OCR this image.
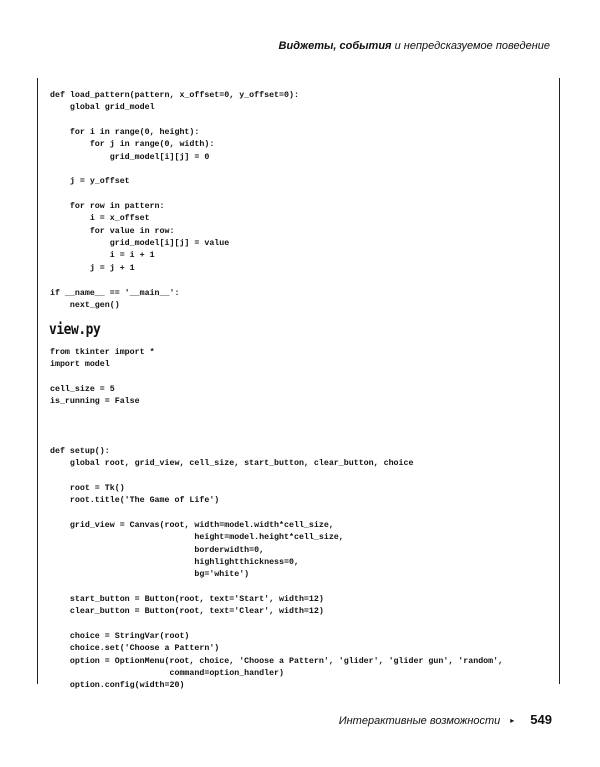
Виджеты, события и непредсказуемое поведение
def load_pattern(pattern, x_offset=0, y_offset=0):
global grid_model

for i in range(0, height):
for j in range(0, width):
grid_model[i][j] = 0

j = y_offset

for row in pattern:
i = x_offset
for value in row:
grid_model[i][j] = value
i = i + 1
j = j + 1

if __name__ == '__main__':
next_gen()

view.py
from tkinter import *
import model

cell_size = 5
is_running = False

def setup():
global root, grid_view, cell_size, start_button, clear_button, choice

root = Tk()
root.title('The Game of Life')

grid_view = Canvas(root, width=model.width*cell_size,
height=model.height*cell_size,
borderwidth=0,
highlightthickness=0,
bg='white')

start_button = Button(root, text='Start', width=12)
clear_button = Button(root, text='Clear', width=12)

choice = StringVar(root)
choice.set('Choose a Pattern')
option = OptionMenu(root, choice, 'Choose a Pattern', 'glider', 'glider gun', 'random',
command=option_handler)
option.config(width=20)

Интерактивные возможности ▸ 549
